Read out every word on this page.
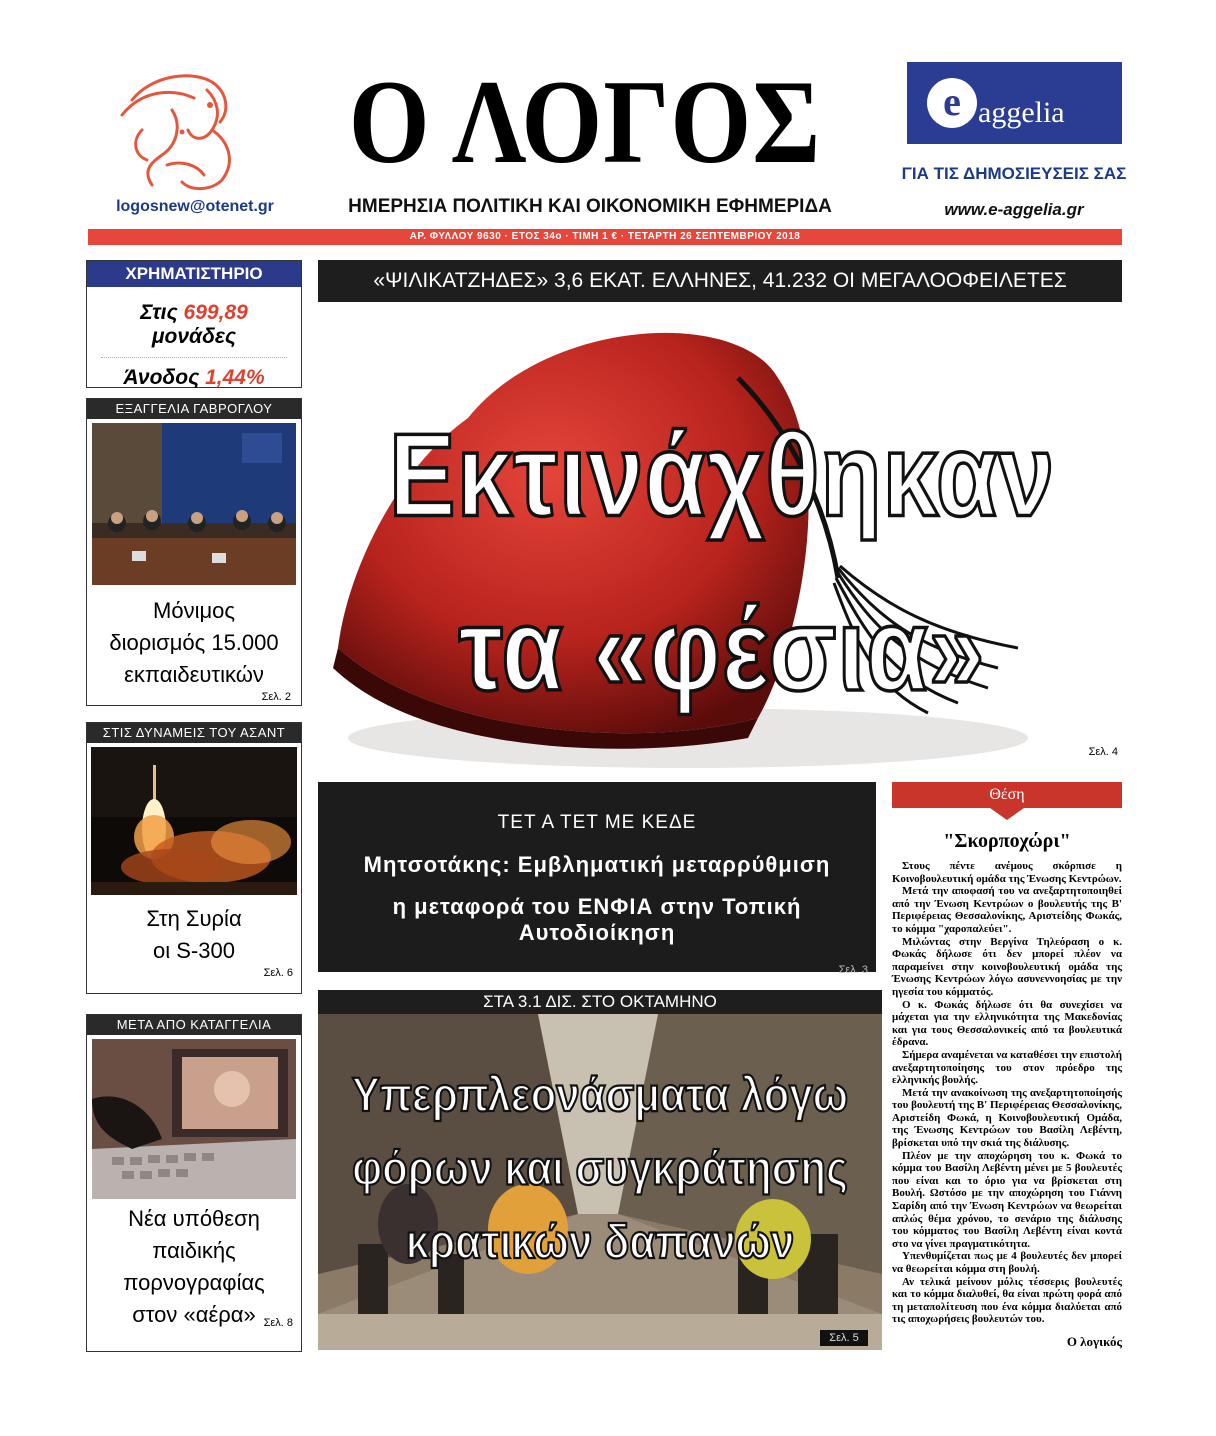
logosnew@otenet.gr
Ο ΛΟΓΟΣ
ΗΜΕΡΗΣΙΑ ΠΟΛΙΤΙΚΗ ΚΑΙ ΟΙΚΟΝΟΜΙΚΗ ΕΦΗΜΕΡΙΔΑ
e aggelia
ΓΙΑ ΤΙΣ ΔΗΜΟΣΙΕΥΣΕΙΣ ΣΑΣ
www.e-aggelia.gr
ΑΡ. ΦΥΛΛΟΥ 9630 · ΕΤΟΣ 34ο · ΤΙΜΗ 1 € · ΤΕΤΑΡΤΗ 26 ΣΕΠΤΕΜΒΡΙΟΥ 2018
ΧΡΗΜΑΤΙΣΤΗΡΙΟ
Στις 699,89 μονάδες
Άνοδος 1,44%
ΕΞΑΓΓΕΛΙΑ ΓΑΒΡΟΓΛΟΥ
Μόνιμος
διορισμός 15.000
εκπαιδευτικών
Σελ. 2
ΣΤΙΣ ΔΥΝΑΜΕΙΣ ΤΟΥ ΑΣΑΝΤ
Στη Συρία
οι S-300
Σελ. 6
ΜΕΤΑ ΑΠΟ ΚΑΤΑΓΓΕΛΙΑ
Νέα υπόθεση
παιδικής
πορνογραφίας
στον «αέρα» Σελ. 8
«ΨΙΛΙΚΑΤΖΗΔΕΣ» 3,6 ΕΚΑΤ. ΕΛΛΗΝΕΣ, 41.232 ΟΙ ΜΕΓΑΛΟΟΦΕΙΛΕΤΕΣ
Εκτινάχθηκαν
τα «φέσια»
Σελ. 4
ΤΕΤ Α ΤΕΤ ΜΕ ΚΕΔΕ
Μητσοτάκης: Εμβληματική μεταρρύθμιση
η μεταφορά του ΕΝΦΙΑ στην Τοπική Αυτοδιοίκηση
Σελ. 3
ΣΤΑ 3.1 ΔΙΣ. ΣΤΟ ΟΚΤΑΜΗΝΟ
Υπερπλεονάσματα λόγω
φόρων και συγκράτησης
κρατικών δαπανών
Σελ. 5
Θέση
"Σκορποχώρι"

Στους πέντε ανέμους σκόρπισε η Κοινοβουλευτική ομάδα της Ένωσης Κεντρώων.

Μετά την αποφασή του να ανεξαρτητοποιηθεί από την Ένωση Κεντρώων ο βουλευτής της Β' Περιφέρειας Θεσσαλονίκης, Αριστείδης Φωκάς, το κόμμα "χαροπαλεύει".

Μιλώντας στην Βεργίνα Τηλεόραση ο κ. Φωκάς δήλωσε ότι δεν μπορεί πλέον να παραμείνει στην κοινοβουλευτική ομάδα της Ένωσης Κεντρώων λόγω ασυνεννοησίας με την ηγεσία του κόμματός.

Ο κ. Φωκάς δήλωσε ότι θα συνεχίσει να μάχεται για την ελληνικότητα της Μακεδονίας και για τους Θεσσαλονικείς από τα βουλευτικά έδρανα.

Σήμερα αναμένεται να καταθέσει την επιστολή ανεξαρτητοποίησης του στον πρόεδρο της ελληνικής βουλής.

Μετά την ανακοίνωση της ανεξαρτητοποίησής του βουλευτή της Β' Περιφέρειας Θεσσαλονίκης, Αριστείδη Φωκά, η Κοινοβουλευτική Ομάδα, της Ένωσης Κεντρώων του Βασίλη Λεβέντη, βρίσκεται υπό την σκιά της διάλυσης.

Πλέον με την αποχώρηση του κ. Φωκά το κόμμα του Βασίλη Λεβέντη μένει με 5 βουλευτές που είναι και το όριο για να βρίσκεται στη Βουλή. Ωστόσο με την αποχώρηση του Γιάννη Σαρίδη από την Ένωση Κεντρώων να θεωρείται απλώς θέμα χρόνου, το σενάριο της διάλυσης του κόμματος του Βασίλη Λεβέντη είναι κοντά στο να γίνει πραγματικότητα.

Υπενθυμίζεται πως με 4 βουλευτές δεν μπορεί να θεωρείται κόμμα στη βουλή.

Αν τελικά μείνουν μόλις τέσσερις βουλευτές και το κόμμα διαλυθεί, θα είναι πρώτη φορά από τη μεταπολίτευση που ένα κόμμα διαλύεται από τις αποχωρήσεις βουλευτών του.

Ο λογικός
